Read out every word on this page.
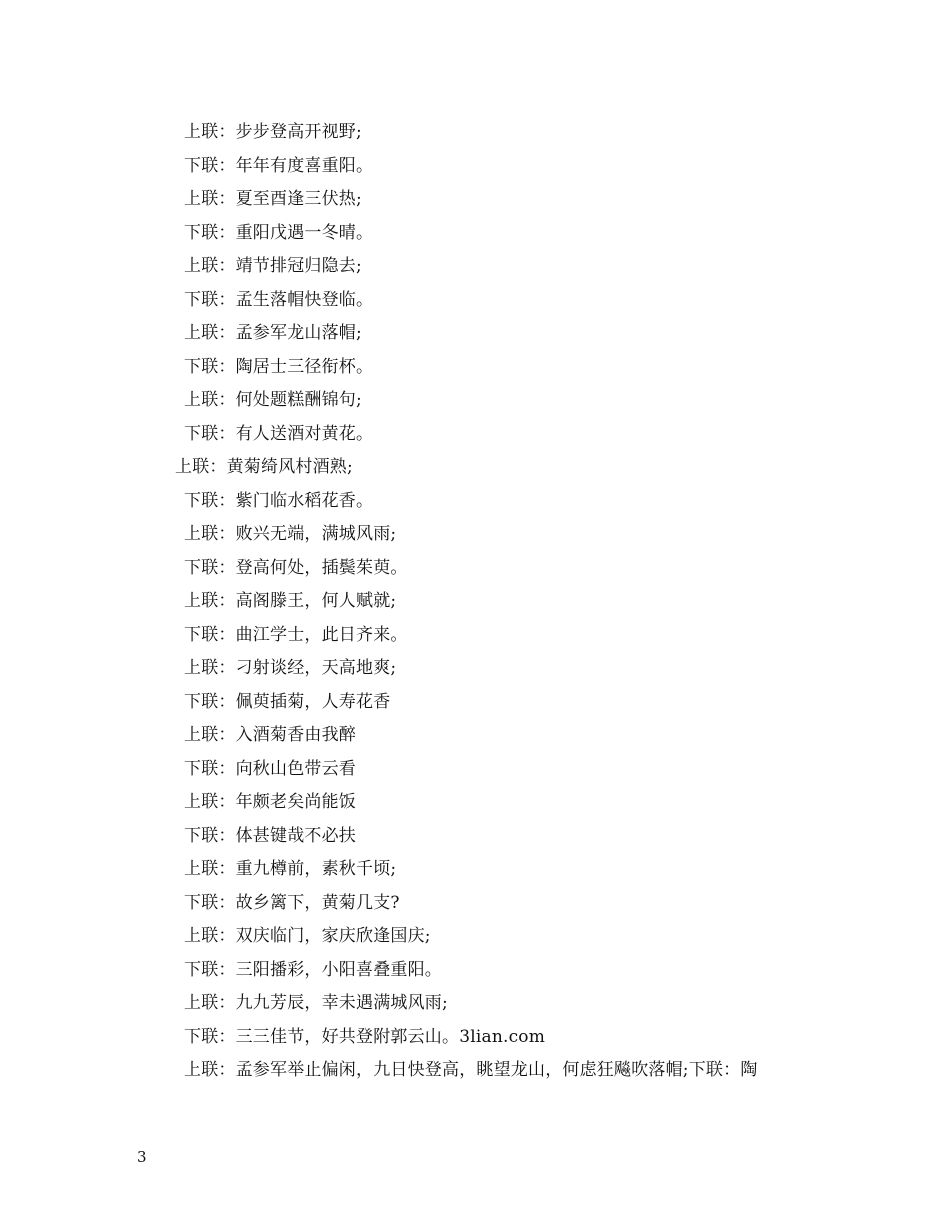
上联：步步登高开视野;
下联：年年有度喜重阳。
上联：夏至酉逢三伏热;
下联：重阳戊遇一冬晴。
上联：靖节排冠归隐去;
下联：孟生落帽快登临。
上联：孟参军龙山落帽;
下联：陶居士三径衔杯。
上联：何处题糕酬锦句;
下联：有人送酒对黄花。
上联：黄菊绮风村酒熟;
下联：紫门临水稻花香。
上联：败兴无端，满城风雨;
下联：登高何处，插鬓茱萸。
上联：高阁滕王，何人赋就;
下联：曲江学士，此日齐来。
上联：刁射谈经，天高地爽;
下联：佩萸插菊，人寿花香
上联：入酒菊香由我醉
下联：向秋山色带云看
上联：年颇老矣尚能饭
下联：体甚键哉不必扶
上联：重九樽前，素秋千顷;
下联：故乡篱下，黄菊几支?
上联：双庆临门，家庆欣逢国庆;
下联：三阳播彩，小阳喜叠重阳。
上联：九九芳辰，幸未遇满城风雨;
下联：三三佳节，好共登附郭云山。3lian.com
上联：孟参军举止偏闲，九日快登高，眺望龙山，何虑狂飚吹落帽;下联：陶
3
